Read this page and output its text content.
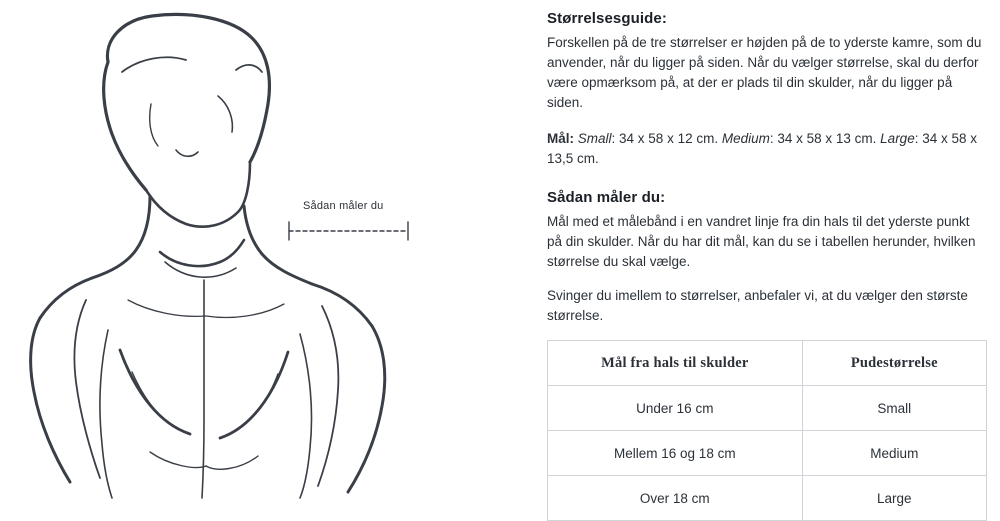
Sådan måler du
Størrelsesguide:

Forskellen på de tre størrelser er højden på de to yderste kamre, som du anvender, når du ligger på siden. Når du vælger størrelse, skal du derfor være opmærksom på, at der er plads til din skulder, når du ligger på siden.

Mål: Small: 34 x 58 x 12 cm. Medium: 34 x 58 x 13 cm. Large: 34 x 58 x 13,5 cm.

Sådan måler du:

Mål med et målebånd i en vandret linje fra din hals til det yderste punkt på din skulder. Når du har dit mål, kan du se i tabellen herunder, hvilken størrelse du skal vælge.

Svinger du imellem to størrelser, anbefaler vi, at du vælger den største størrelse.

Mål fra hals til skulder	Pudestørrelse
Under 16 cm	Small
Mellem 16 og 18 cm	Medium
Over 18 cm	Large
